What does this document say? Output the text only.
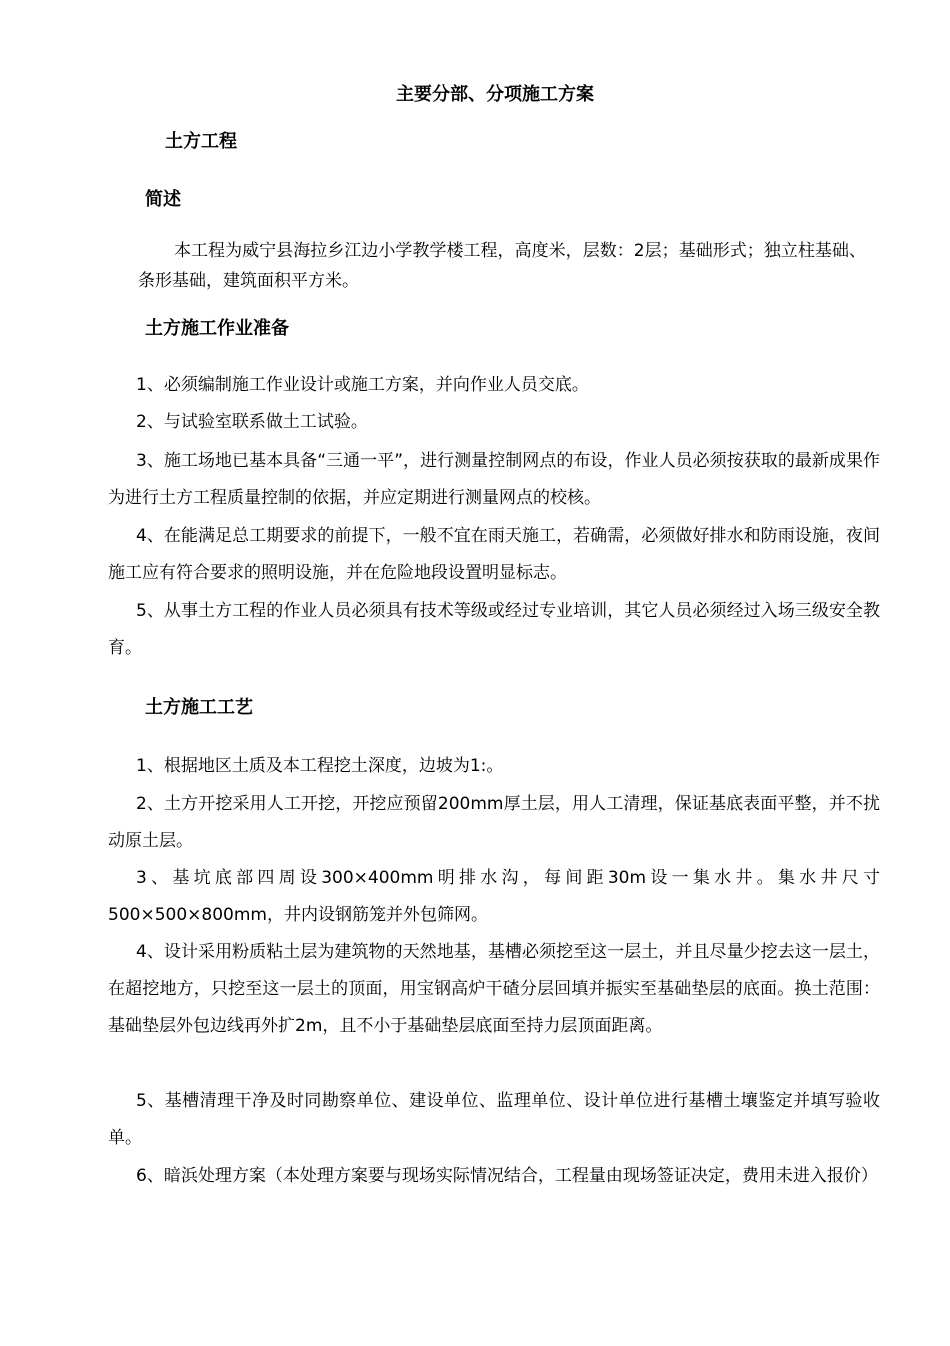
主要分部、分项施工方案
土方工程
简述
本工程为威宁县海拉乡江边小学教学楼工程，高度米，层数：2层；基础形式；独立柱基础、条形基础，建筑面积平方米。
土方施工作业准备
1、必须编制施工作业设计或施工方案，并向作业人员交底。
2、与试验室联系做土工试验。
3、施工场地已基本具备“三通一平”，进行测量控制网点的布设，作业人员必须按获取的最新成果作为进行土方工程质量控制的依据，并应定期进行测量网点的校核。
4、在能满足总工期要求的前提下，一般不宜在雨天施工，若确需，必须做好排水和防雨设施，夜间施工应有符合要求的照明设施，并在危险地段设置明显标志。
5、从事土方工程的作业人员必须具有技术等级或经过专业培训，其它人员必须经过入场三级安全教育。
土方施工工艺
1、根据地区土质及本工程挖土深度，边坡为1:。
2、土方开挖采用人工开挖，开挖应预留200mm厚土层，用人工清理，保证基底表面平整，并不扰动原土层。
3、基坑底部四周设300×400mm明排水沟，每间距30m设一集水井。集水井尺寸500×500×800mm，井内设钢筋笼并外包筛网。
4、设计采用粉质粘土层为建筑物的天然地基，基槽必须挖至这一层土，并且尽量少挖去这一层土，在超挖地方，只挖至这一层土的顶面，用宝钢高炉干碴分层回填并振实至基础垫层的底面。换土范围：基础垫层外包边线再外扩2m，且不小于基础垫层底面至持力层顶面距离。
5、基槽清理干净及时同勘察单位、建设单位、监理单位、设计单位进行基槽土壤鉴定并填写验收单。
6、暗浜处理方案（本处理方案要与现场实际情况结合，工程量由现场签证决定，费用未进入报价）
